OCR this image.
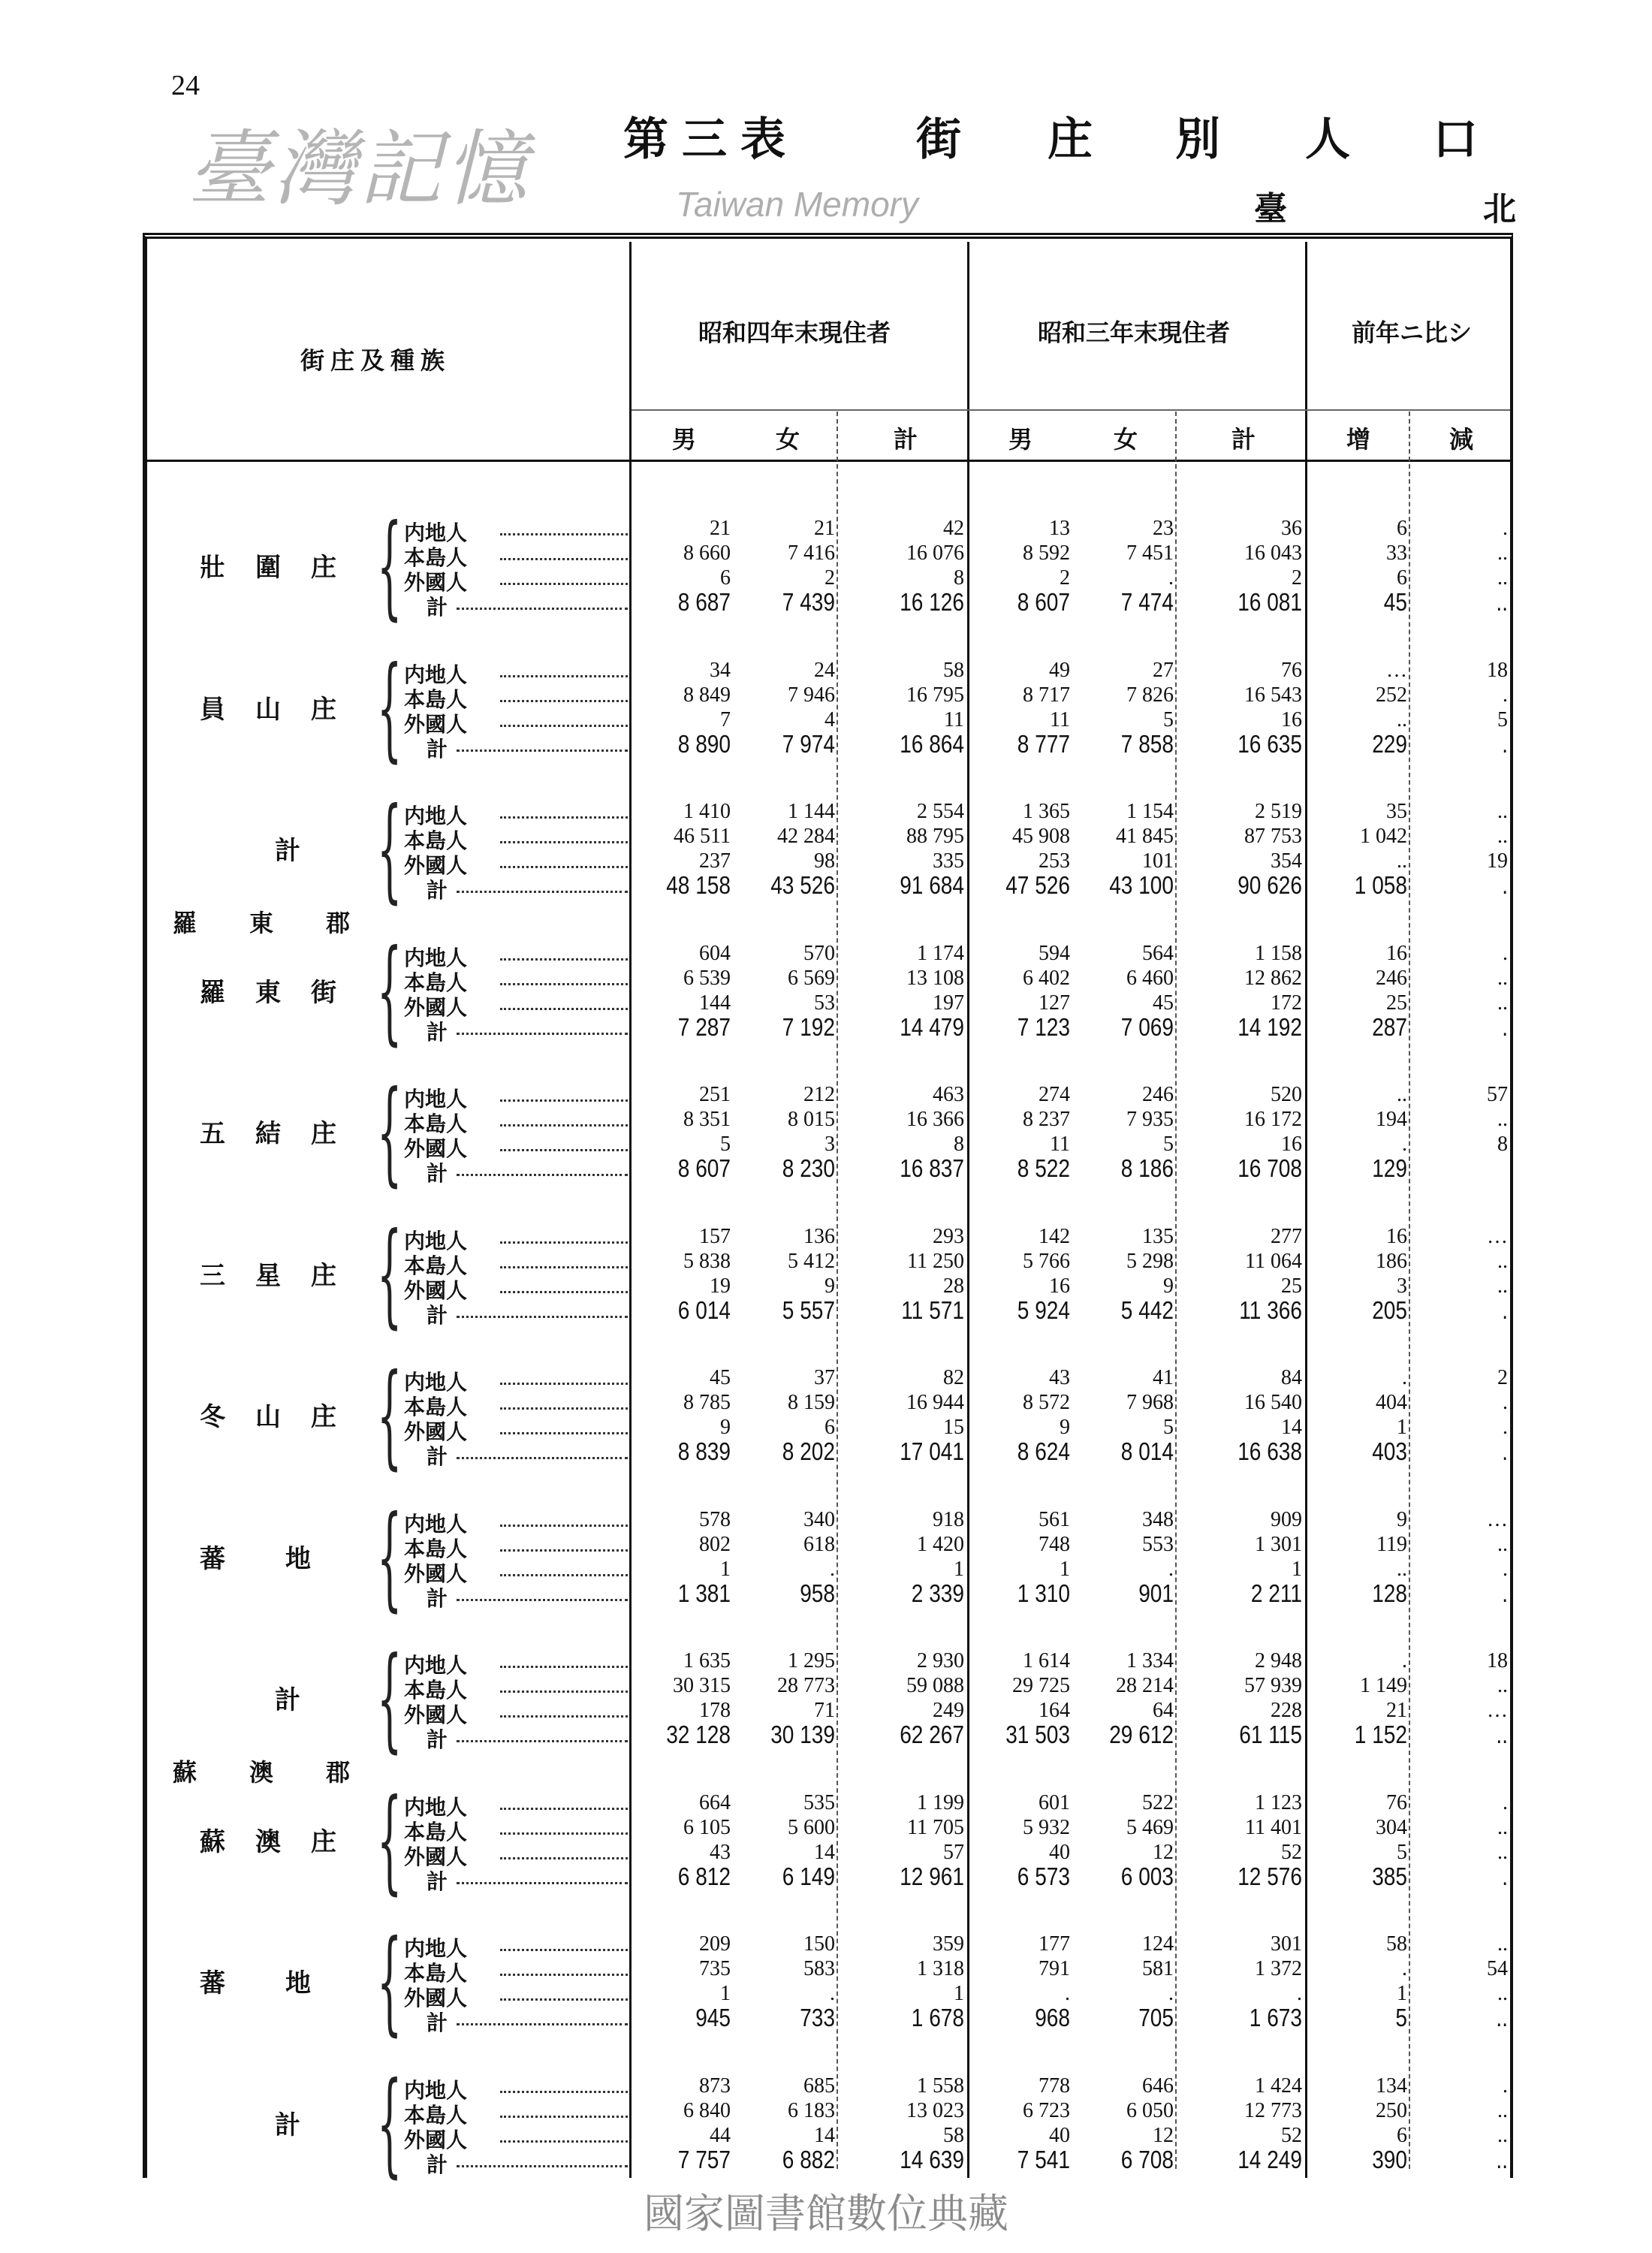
24
第三表	街 庄 別 人 口
臺	北
街庄及種族
昭和四年末現住者	昭和三年末現住者	前年ニ比シ
男	女	計	男	女	計	增	減
壯圍庄 { 内地人	21	21	42	13	23	36	6	.
本島人	8 660	7 416	16 076	8 592	7 451	16 043	33	..
外國人	6	2	8	2	.	2	6	..
計	8 687	7 439	16 126	8 607	7 474	16 081	45	..
員山庄 { 内地人	34	24	58	49	27	76	…	18
本島人	8 849	7 946	16 795	8 717	7 826	16 543	252	.
外國人	7	4	11	11	5	16	..	5
計	8 890	7 974	16 864	8 777	7 858	16 635	229	.
計 { 内地人	1 410	1 144	2 554	1 365	1 154	2 519	35	..
本島人	46 511	42 284	88 795	45 908	41 845	87 753	1 042	..
外國人	237	98	335	253	101	354	..	19
計	48 158	43 526	91 684	47 526	43 100	90 626	1 058	.
羅東郡
羅東街 { 内地人	604	570	1 174	594	564	1 158	16	.
本島人	6 539	6 569	13 108	6 402	6 460	12 862	246	..
外國人	144	53	197	127	45	172	25	..
計	7 287	7 192	14 479	7 123	7 069	14 192	287	.
五結庄 { 内地人	251	212	463	274	246	520	..	57
本島人	8 351	8 015	16 366	8 237	7 935	16 172	194	..
外國人	5	3	8	11	5	16	.	8
計	8 607	8 230	16 837	8 522	8 186	16 708	129
三星庄 { 内地人	157	136	293	142	135	277	16	…
本島人	5 838	5 412	11 250	5 766	5 298	11 064	186	..
外國人	19	9	28	16	9	25	3	..
計	6 014	5 557	11 571	5 924	5 442	11 366	205	.
冬山庄 { 内地人	45	37	82	43	41	84	.	2
本島人	8 785	8 159	16 944	8 572	7 968	16 540	404	.
外國人	9	6	15	9	5	14	1	.
計	8 839	8 202	17 041	8 624	8 014	16 638	403	.
蕃地 { 内地人	578	340	918	561	348	909	9	…
本島人	802	618	1 420	748	553	1 301	119	..
外國人	1	.	1	1	.	1	..	.
計	1 381	958	2 339	1 310	901	2 211	128	.
計 { 内地人	1 635	1 295	2 930	1 614	1 334	2 948	.	18
本島人	30 315	28 773	59 088	29 725	28 214	57 939	1 149	..
外國人	178	71	249	164	64	228	21	…
計	32 128	30 139	62 267	31 503	29 612	61 115	1 152	..
蘇澳郡
蘇澳庄 { 内地人	664	535	1 199	601	522	1 123	76	.
本島人	6 105	5 600	11 705	5 932	5 469	11 401	304	..
外國人	43	14	57	40	12	52	5	..
計	6 812	6 149	12 961	6 573	6 003	12 576	385	.
蕃地 { 内地人	209	150	359	177	124	301	58	..
本島人	735	583	1 318	791	581	1 372	.	54
外國人	1	.	1	.	.	.	1	..
計	945	733	1 678	968	705	1 673	5	..
計 { 内地人	873	685	1 558	778	646	1 424	134	.
本島人	6 840	6 183	13 023	6 723	6 050	12 773	250	..
外國人	44	14	58	40	12	52	6	..
計	7 757	6 882	14 639	7 541	6 708	14 249	390	..
臺灣記憶	Taiwan Memory
國家圖書館數位典藏
